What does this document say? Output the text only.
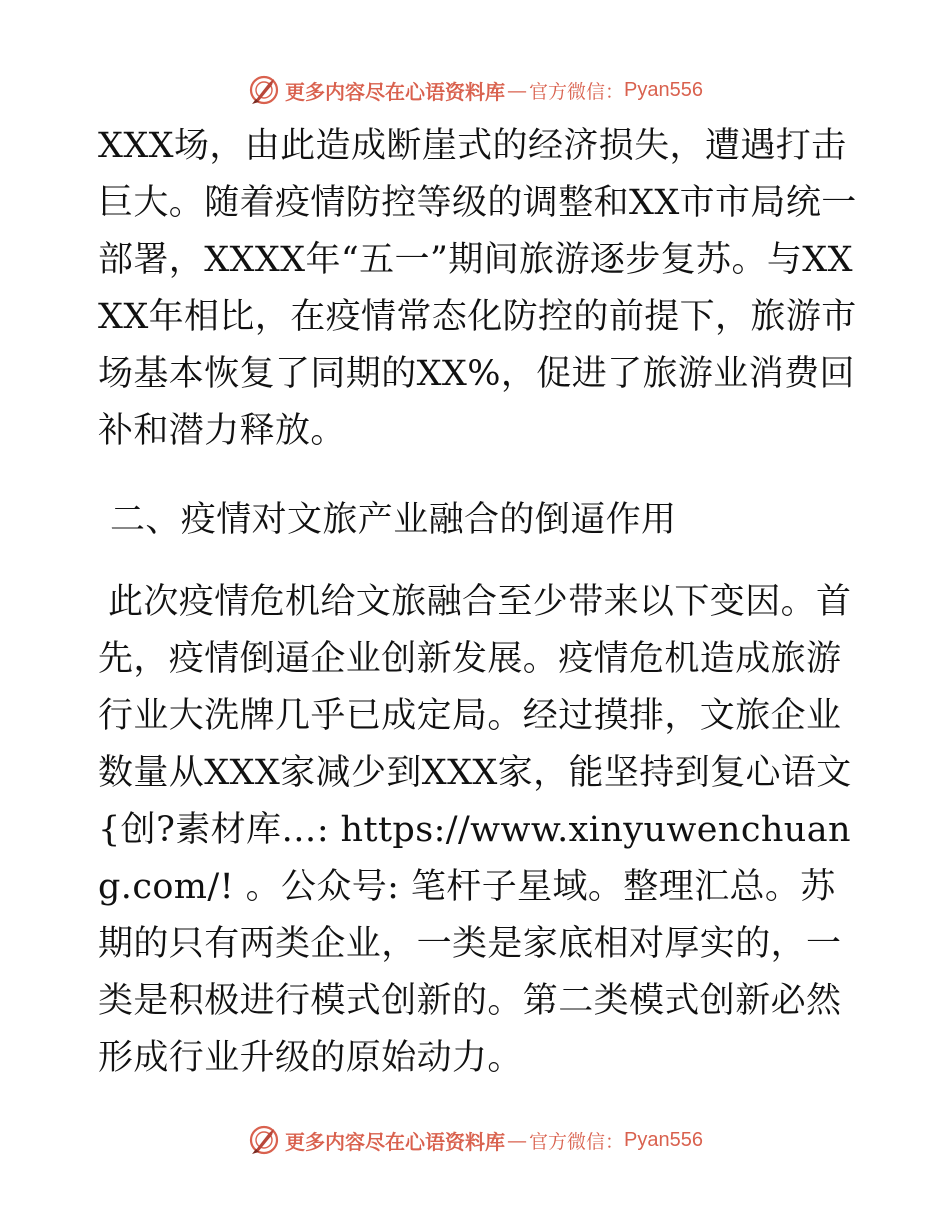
更多内容尽在心语资料库 — 官方微信： Pyan556

XXX场，由此造成断崖式的经济损失，遭遇打击巨大。随着疫情防控等级的调整和XX市市局统一部署，XXXX年“五一”期间旅游逐步复苏。与XXXX年相比，在疫情常态化防控的前提下，旅游市场基本恢复了同期的XX%，促进了旅游业消费回补和潜力释放。

二、疫情对文旅产业融合的倒逼作用

此次疫情危机给文旅融合至少带来以下变因。首先，疫情倒逼企业创新发展。疫情危机造成旅游行业大洗牌几乎已成定局。经过摸排，文旅企业数量从XXX家减少到XXX家，能坚持到复心语文{创?素材库…: https://www.xinyuwenchuang.com/! 。公众号: 笔杆子星域。整理汇总。苏期的只有两类企业，一类是家底相对厚实的，一类是积极进行模式创新的。第二类模式创新必然形成行业升级的原始动力。

更多内容尽在心语资料库 — 官方微信： Pyan556
